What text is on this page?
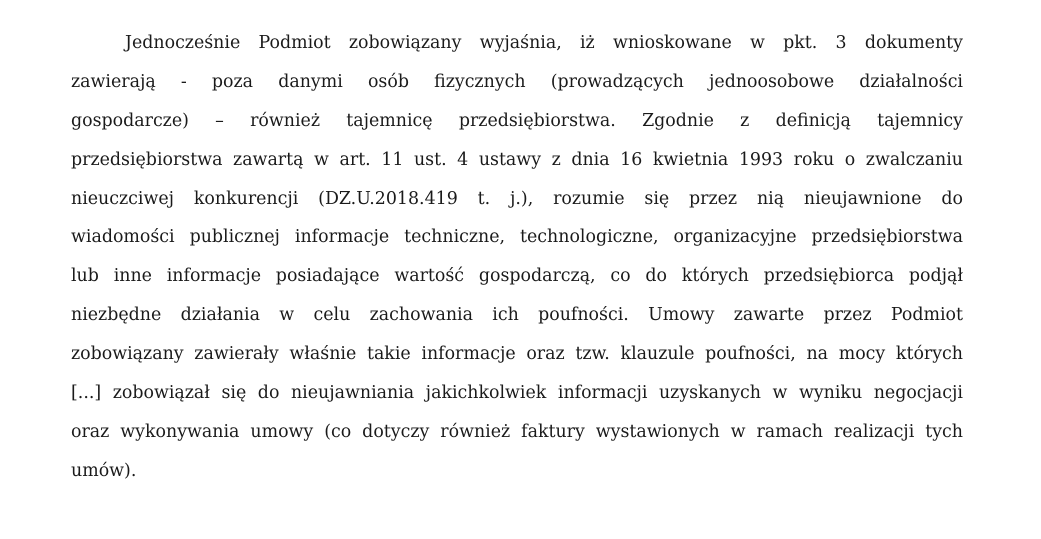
Jednocześnie Podmiot zobowiązany wyjaśnia, iż wnioskowane w pkt. 3 dokumenty
zawierają - poza danymi osób fizycznych (prowadzących jednoosobowe działalności
gospodarcze) – również tajemnicę przedsiębiorstwa. Zgodnie z definicją tajemnicy
przedsiębiorstwa zawartą w art. 11 ust. 4 ustawy z dnia 16 kwietnia 1993 roku o zwalczaniu
nieuczciwej konkurencji (DZ.U.2018.419 t. j.), rozumie się przez nią nieujawnione do
wiadomości publicznej informacje techniczne, technologiczne, organizacyjne przedsiębiorstwa
lub inne informacje posiadające wartość gospodarczą, co do których przedsiębiorca podjął
niezbędne działania w celu zachowania ich poufności. Umowy zawarte przez Podmiot
zobowiązany zawierały właśnie takie informacje oraz tzw. klauzule poufności, na mocy których
[...] zobowiązał się do nieujawniania jakichkolwiek informacji uzyskanych w wyniku negocjacji
oraz wykonywania umowy (co dotyczy również faktury wystawionych w ramach realizacji tych
umów).
